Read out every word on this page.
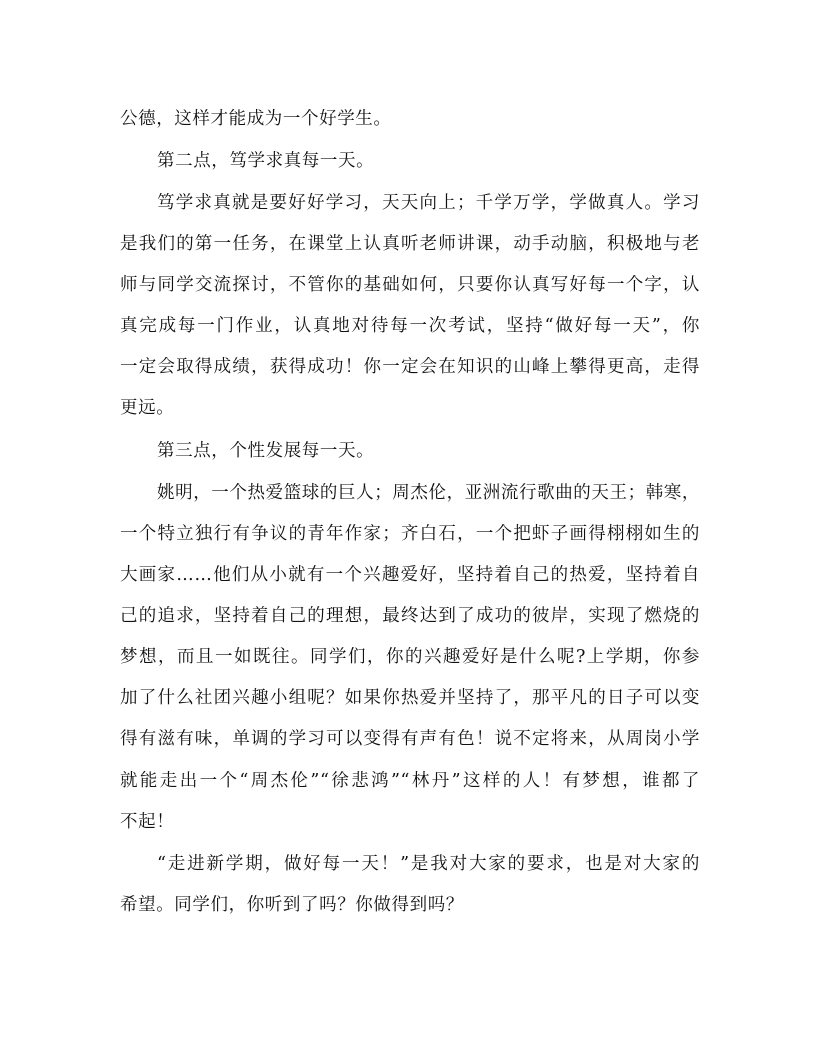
公德，这样才能成为一个好学生。
第二点，笃学求真每一天。
笃学求真就是要好好学习，天天向上；千学万学，学做真人。学习
是我们的第一任务，在课堂上认真听老师讲课，动手动脑，积极地与老
师与同学交流探讨，不管你的基础如何，只要你认真写好每一个字，认
真完成每一门作业，认真地对待每一次考试，坚持“做好每一天”，你
一定会取得成绩，获得成功！你一定会在知识的山峰上攀得更高，走得
更远。
第三点，个性发展每一天。
姚明，一个热爱篮球的巨人；周杰伦，亚洲流行歌曲的天王；韩寒，
一个特立独行有争议的青年作家；齐白石，一个把虾子画得栩栩如生的
大画家……他们从小就有一个兴趣爱好，坚持着自己的热爱，坚持着自
己的追求，坚持着自己的理想，最终达到了成功的彼岸，实现了燃烧的
梦想，而且一如既往。同学们，你的兴趣爱好是什么呢?上学期，你参
加了什么社团兴趣小组呢？如果你热爱并坚持了，那平凡的日子可以变
得有滋有味，单调的学习可以变得有声有色！说不定将来，从周岗小学
就能走出一个“周杰伦”“徐悲鸿”“林丹”这样的人！有梦想，谁都了
不起！
“走进新学期，做好每一天！”是我对大家的要求，也是对大家的
希望。同学们，你听到了吗？你做得到吗？
